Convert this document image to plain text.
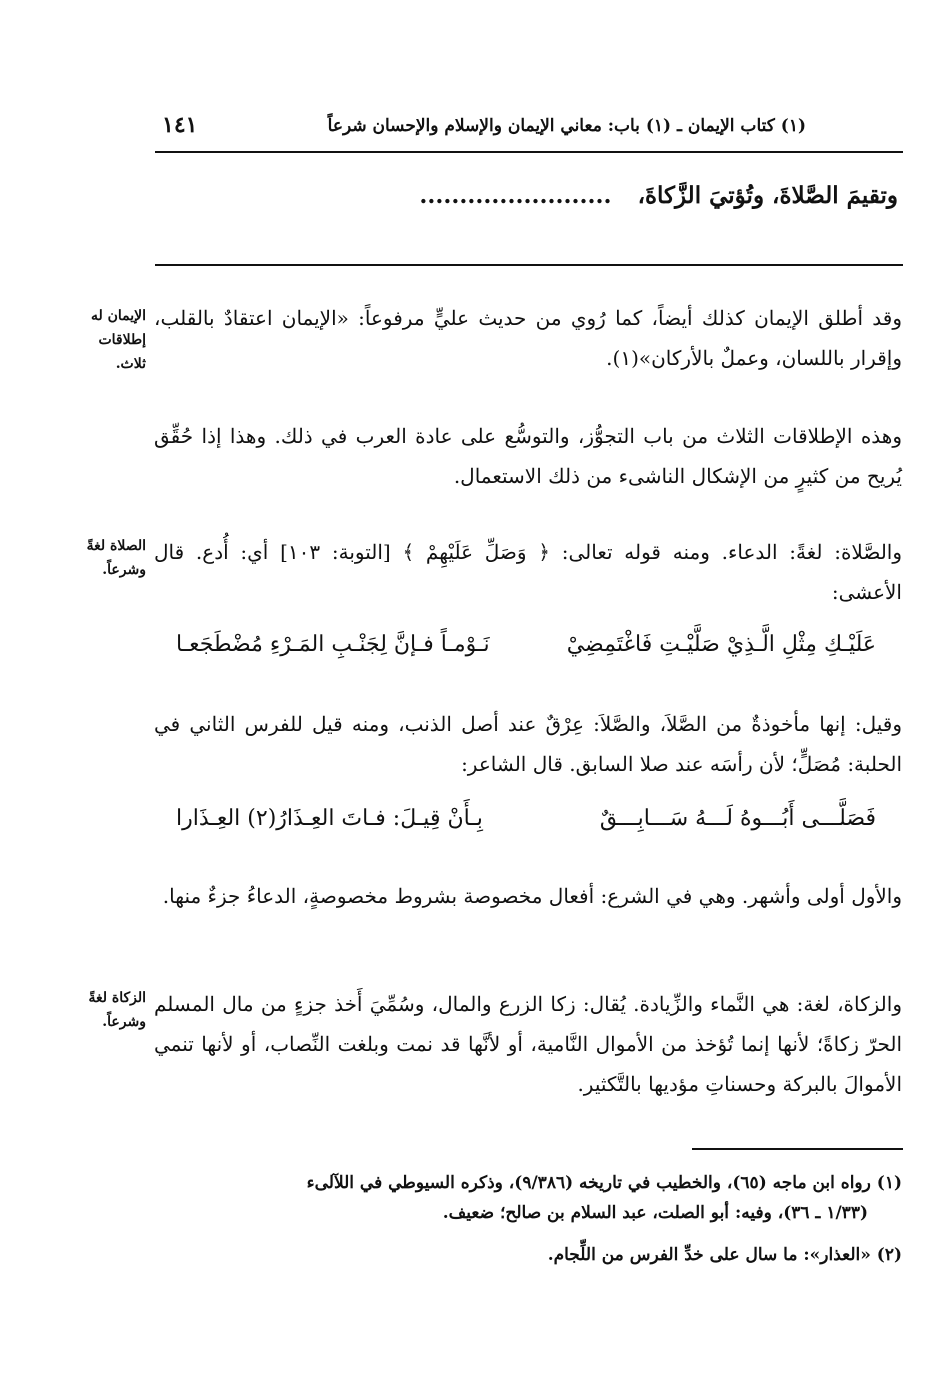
(١) كتاب الإيمان ـ (١) باب: معاني الإيمان والإسلام والإحسان شرعاً
١٤١
وتقيمَ الصَّلاةَ، وتُؤتيَ الزَّكاةَ، ........................

وقد أطلق الإيمان كذلك أيضاً، كما رُوي من حديث عليٍّ مرفوعاً: «الإيمان اعتقادٌ بالقلب، وإقرار باللسان، وعملٌ بالأركان»(١).

الإيمان له إطلاقات ثلاث.

وهذه الإطلاقات الثلاث من باب التجوُّز، والتوسُّع على عادة العرب في ذلك. وهذا إذا حُقِّق يُريح من كثيرٍ من الإشكال الناشىء من ذلك الاستعمال.

والصَّلاة: لغةً: الدعاء. ومنه قوله تعالى: ﴿ وَصَلِّ عَلَيْهِمْ ﴾ [التوبة: ١٠٣] أي: أُدع. قال الأعشى:

الصلاة لغةً وشرعاً.
عَلَيْـكِ مِثْلِ الَّـذِيْ صَلَّيْـتِ فَاغْتَمِضِيْ
نَـوْمـاً فـإنَّ لِجَنْـبِ المَـرْءِ مُضْطَجَعـا

وقيل: إنها مأخوذةٌ من الصَّلاَ، والصَّلاَ: عِرْقٌ عند أصل الذنب، ومنه قيل للفرس الثاني في الحلبة: مُصَلٍّ؛ لأن رأسَه عند صلا السابق. قال الشاعر:

فَصَلَّـــى أَبُـــوهُ لَـــهُ سَـــابِـــقٌ
بِـأَنْ قِيـلَ: فـاتَ العِـذَارُ(٢) العِـذَارا

والأول أولى وأشهر. وهي في الشرع: أفعال مخصوصة بشروط مخصوصةٍ، الدعاءُ جزءٌ منها.

والزكاة، لغة: هي النَّماء والزِّيادة. يُقال: زكا الزرع والمال، وسُمِّيَ أَخذ جزءٍ من مال المسلم الحرّ زكاةً؛ لأنها إنما تُؤخذ من الأموال النَّامية، أو لأنَّها قد نمت وبلغت النِّصاب، أو لأنها تنمي الأموالَ بالبركة وحسناتِ مؤديها بالتَّكثير.

الزكاة لغةً وشرعاً.

(١) رواه ابن ماجه (٦٥)، والخطيب في تاريخه (٩/٣٨٦)، وذكره السيوطي في اللآلىء
(١/٣٣ ـ ٣٦)، وفيه: أبو الصلت، عبد السلام بن صالح؛ ضعيف.

(٢) «العذار»: ما سال على خدِّ الفرس من اللِّجام.
